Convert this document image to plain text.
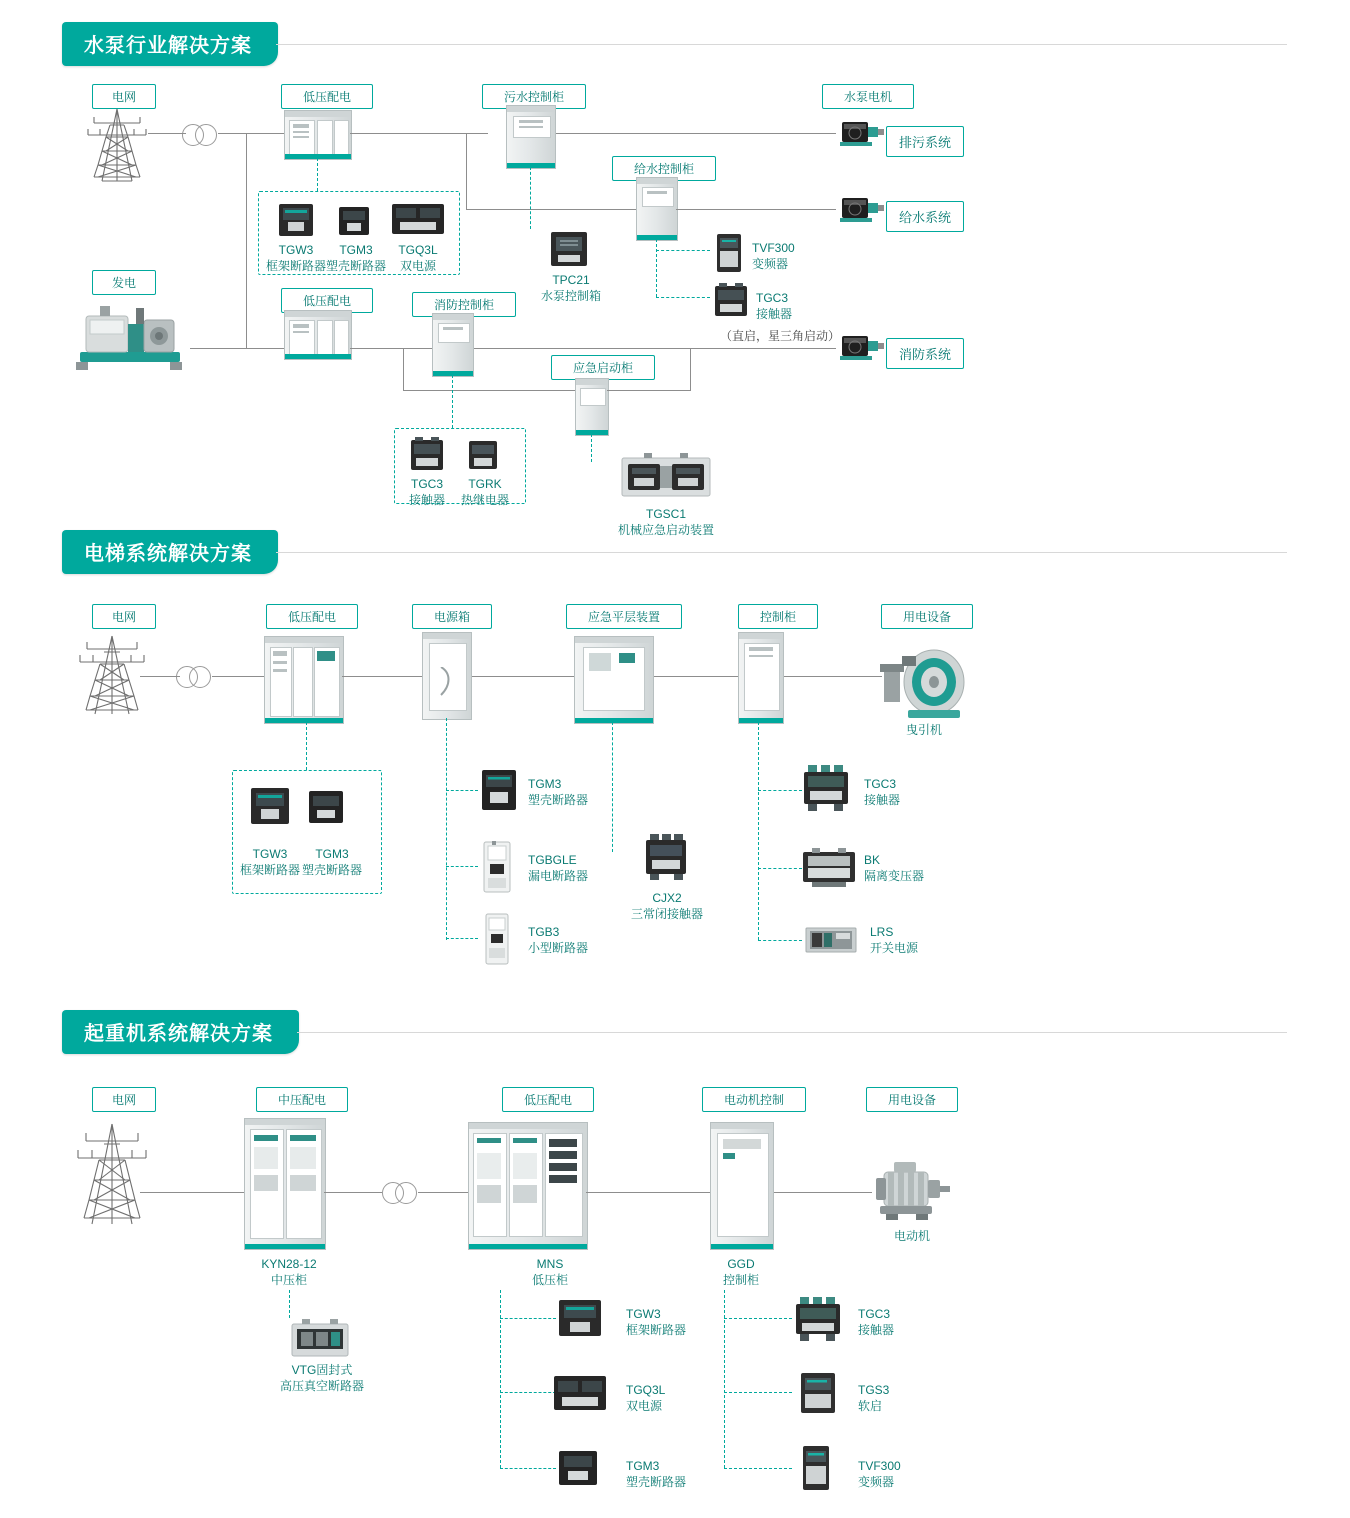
水泵行业解决方案
电网	低压配电	污水控制柜	水泵电机
给水控制柜
发电
低压配电	消防控制柜
应急启动柜
排污系统
给水系统
消防系统
TGW3
框架断路器
TGM3
塑壳断路器
TGQ3L
双电源
TPC21
水泵控制箱
TVF300
变频器
TGC3
接触器
（直启，星三角启动）
TGC3
接触器
TGRK
热继电器
TGSC1
机械应急启动装置
电梯系统解决方案
电网	低压配电	电源箱	应急平层装置	控制柜	用电设备
曳引机
TGW3
框架断路器
TGM3
塑壳断路器
TGM3
塑壳断路器
TGBGLE
漏电断路器
TGB3
小型断路器
CJX2
三常闭接触器
TGC3
接触器
BK
隔离变压器
LRS
开关电源
起重机系统解决方案
电网	中压配电	低压配电	电动机控制	用电设备
电动机
KYN28-12
中压柜
VTG固封式
高压真空断路器
MNS
低压柜
GGD
控制柜
TGW3
框架断路器
TGQ3L
双电源
TGM3
塑壳断路器
TGC3
接触器
TGS3
软启
TVF300
变频器
